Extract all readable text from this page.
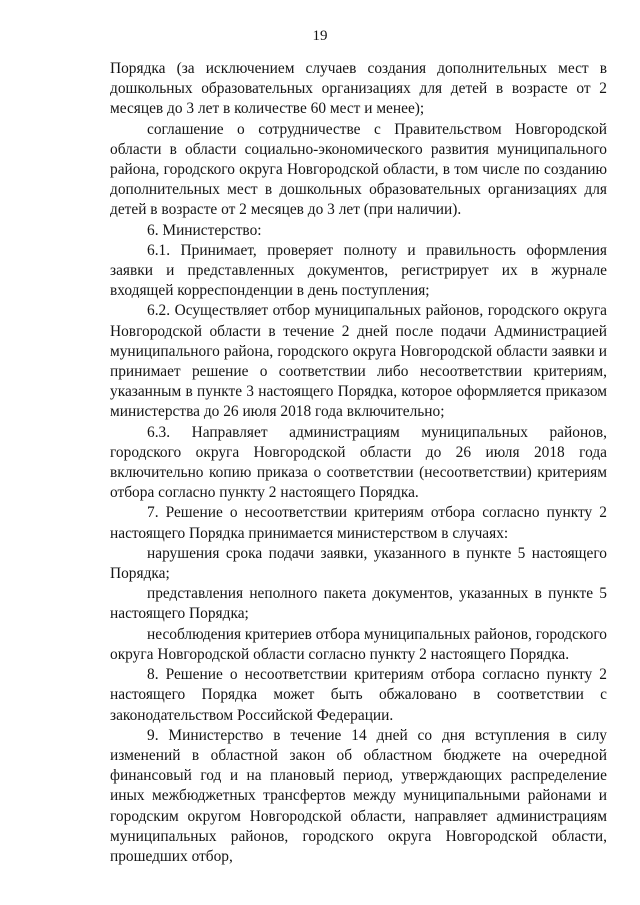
19

Порядка (за исключением случаев создания дополнительных мест в дошкольных образовательных организациях для детей в возрасте от 2 месяцев до 3 лет в количестве 60 мест и менее);

соглашение о сотрудничестве с Правительством Новгородской области в области социально-экономического развития муниципального района, городского округа Новгородской области, в том числе по созданию дополнительных мест в дошкольных образовательных организациях для детей в возрасте от 2 месяцев до 3 лет (при наличии).

6. Министерство:

6.1. Принимает, проверяет полноту и правильность оформления заявки и представленных документов, регистрирует их в журнале входящей корреспонденции в день поступления;

6.2. Осуществляет отбор муниципальных районов, городского округа Новгородской области в течение 2 дней после подачи Администрацией муниципального района, городского округа Новгородской области заявки и принимает решение о соответствии либо несоответствии критериям, указанным в пункте 3 настоящего Порядка, которое оформляется приказом министерства до 26 июля 2018 года включительно;

6.3. Направляет администрациям муниципальных районов, городского округа Новгородской области до 26 июля 2018 года включительно копию приказа о соответствии (несоответствии) критериям отбора согласно пункту 2 настоящего Порядка.

7. Решение о несоответствии критериям отбора согласно пункту 2 настоящего Порядка принимается министерством в случаях:

нарушения срока подачи заявки, указанного в пункте 5 настоящего Порядка;

представления неполного пакета документов, указанных в пункте 5 настоящего Порядка;

несоблюдения критериев отбора муниципальных районов, городского округа Новгородской области согласно пункту 2 настоящего Порядка.

8. Решение о несоответствии критериям отбора согласно пункту 2 настоящего Порядка может быть обжаловано в соответствии с законодательством Российской Федерации.

9. Министерство в течение 14 дней со дня вступления в силу изменений в областной закон об областном бюджете на очередной финансовый год и на плановый период, утверждающих распределение иных межбюджетных трансфертов между муниципальными районами и городским округом Новгородской области, направляет администрациям муниципальных районов, городского округа Новгородской области, прошедших отбор,
